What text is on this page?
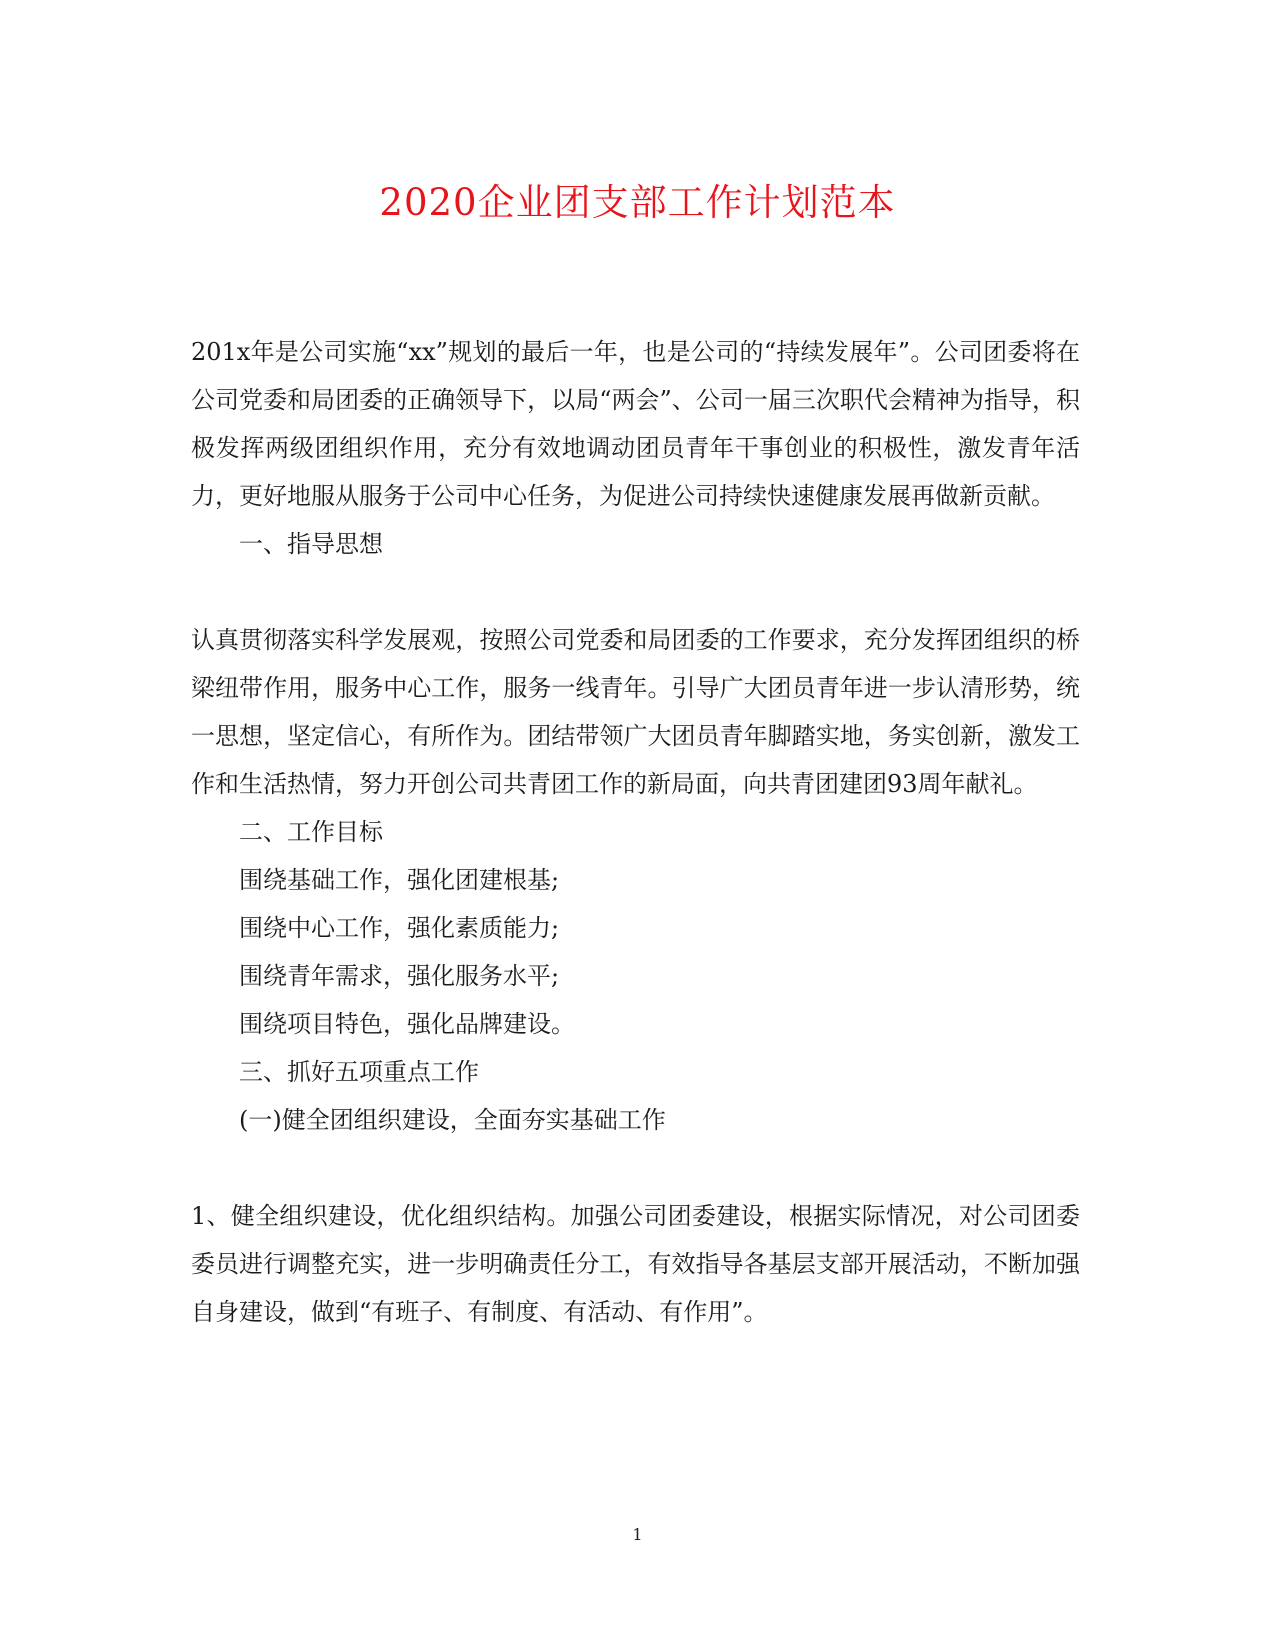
2020企业团支部工作计划范本

201x年是公司实施“xx”规划的最后一年，也是公司的“持续发展年”。公司团委将在公司党委和局团委的正确领导下，以局“两会”、公司一届三次职代会精神为指导，积极发挥两级团组织作用，充分有效地调动团员青年干事创业的积极性，激发青年活力，更好地服从服务于公司中心任务，为促进公司持续快速健康发展再做新贡献。

一、指导思想

认真贯彻落实科学发展观，按照公司党委和局团委的工作要求，充分发挥团组织的桥梁纽带作用，服务中心工作，服务一线青年。引导广大团员青年进一步认清形势，统一思想，坚定信心，有所作为。团结带领广大团员青年脚踏实地，务实创新，激发工作和生活热情，努力开创公司共青团工作的新局面，向共青团建团93周年献礼。

二、工作目标

围绕基础工作，强化团建根基;

围绕中心工作，强化素质能力;

围绕青年需求，强化服务水平;

围绕项目特色，强化品牌建设。

三、抓好五项重点工作

(一)健全团组织建设，全面夯实基础工作

1、健全组织建设，优化组织结构。加强公司团委建设，根据实际情况，对公司团委委员进行调整充实，进一步明确责任分工，有效指导各基层支部开展活动，不断加强自身建设，做到“有班子、有制度、有活动、有作用”。

1
